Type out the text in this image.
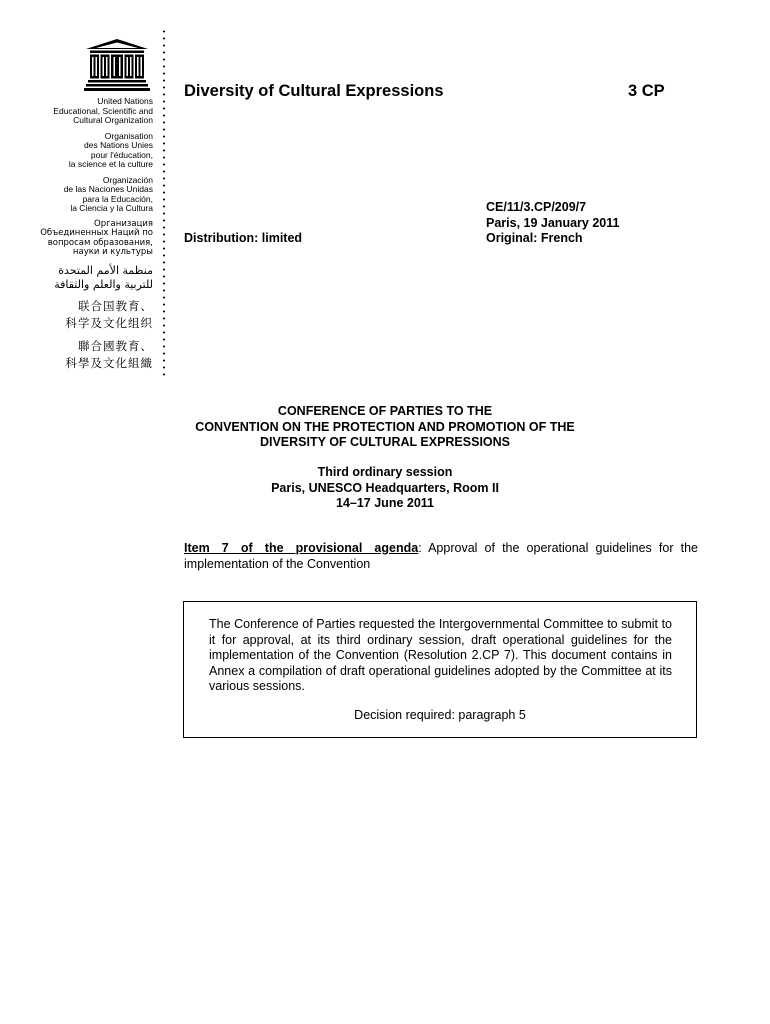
United Nations
Educational, Scientific and
Cultural Organization
Organisation
des Nations Unies
pour l'éducation,
la science et la culture
Organización
de las Naciones Unidas
para la Educación,
la Ciencia y la Cultura
Организация
Объединенных Наций по
вопросам образования,
науки и культуры
منظمة الأمم المتحدة
للتربية والعلم والثقافة
联合国教育、
科学及文化组织
聯合國教育、
科學及文化組織
Diversity of Cultural Expressions	3 CP
CE/11/3.CP/209/7
Paris, 19 January 2011
Original: French
Distribution: limited
CONFERENCE OF PARTIES TO THE
CONVENTION ON THE PROTECTION AND PROMOTION OF THE
DIVERSITY OF CULTURAL EXPRESSIONS
Third ordinary session
Paris, UNESCO Headquarters, Room II
14–17 June 2011
Item 7 of the provisional agenda: Approval of the operational guidelines for the implementation of the Convention
The Conference of Parties requested the Intergovernmental Committee to submit to it for approval, at its third ordinary session, draft operational guidelines for the implementation of the Convention (Resolution 2.CP 7). This document contains in Annex a compilation of draft operational guidelines adopted by the Committee at its various sessions.
Decision required: paragraph 5
